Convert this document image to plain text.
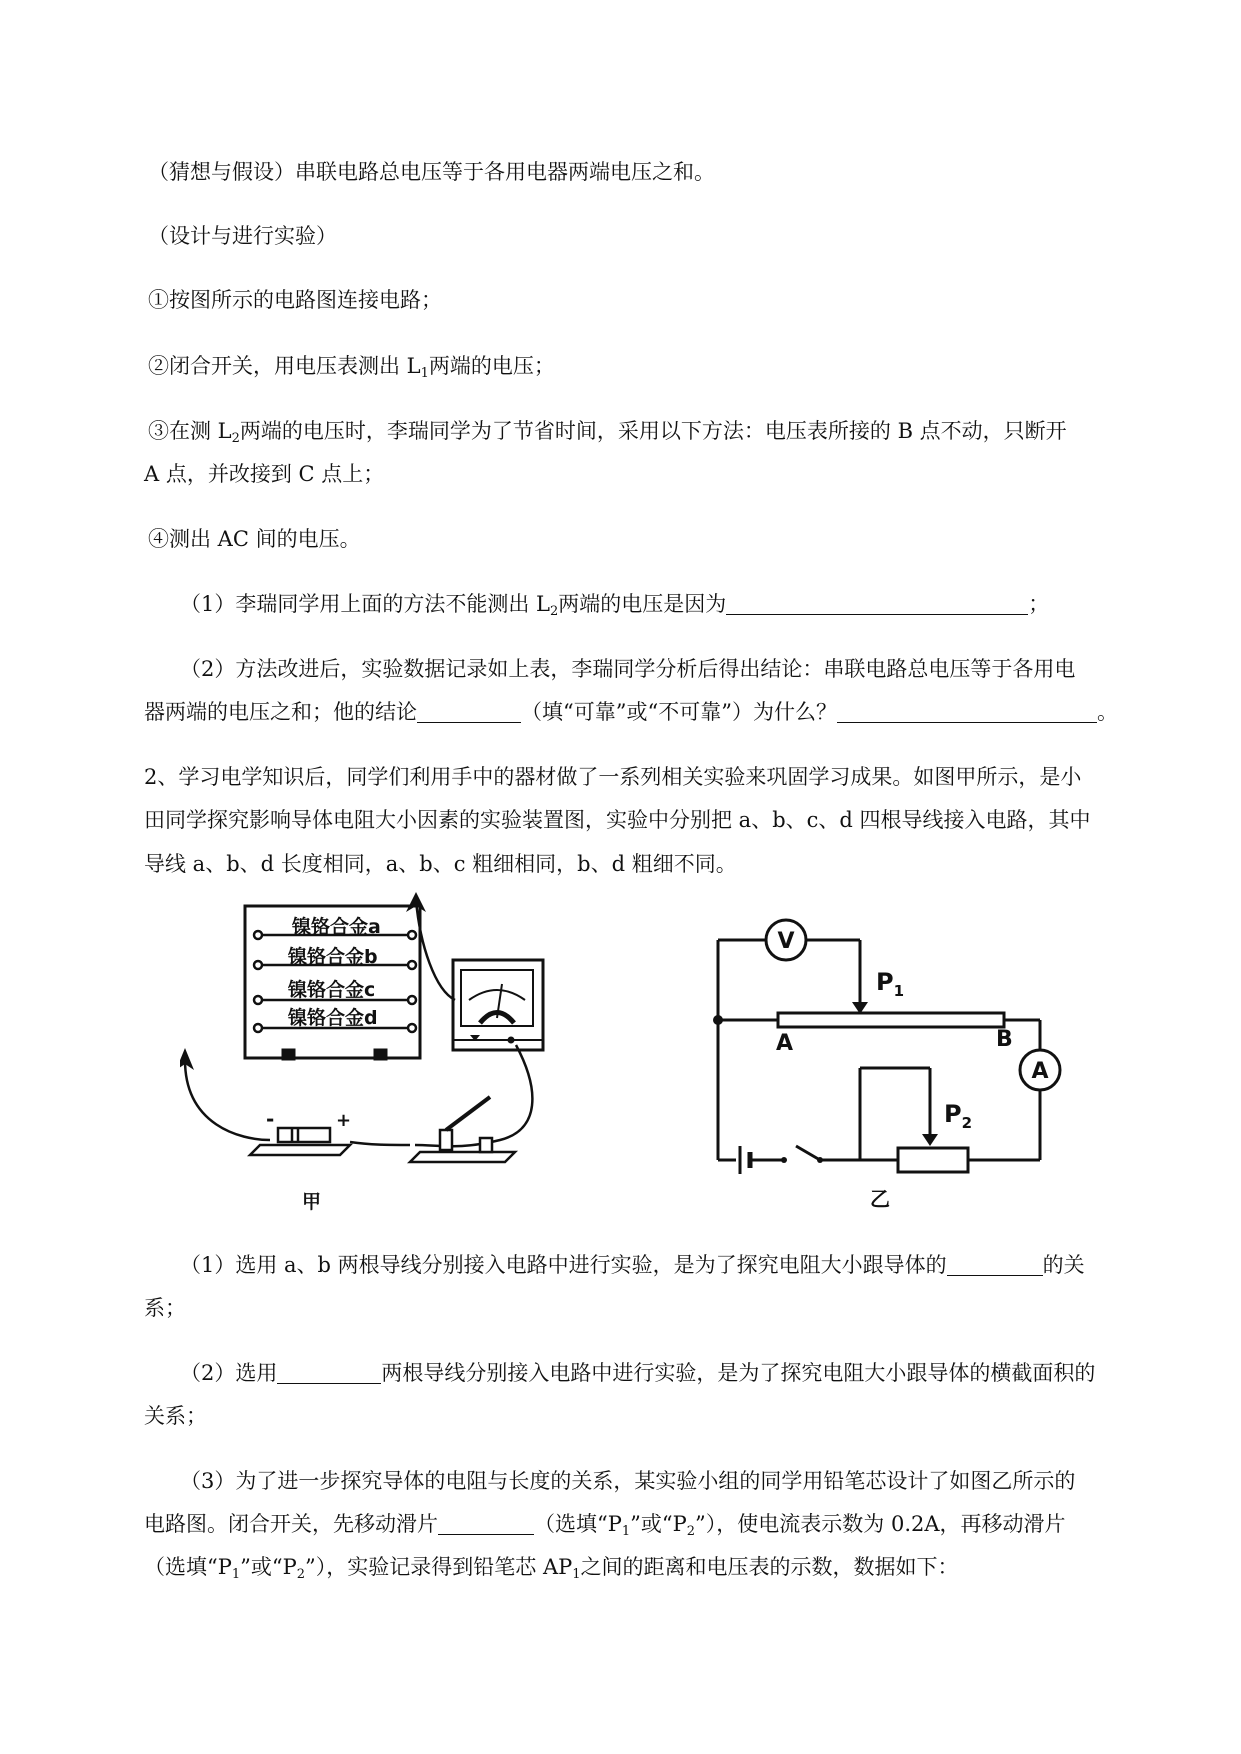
（猜想与假设）串联电路总电压等于各用电器两端电压之和。
（设计与进行实验）
①按图所示的电路图连接电路；
②闭合开关，用电压表测出 $L_1$两端的电压；
③在测 $L_2$两端的电压时，李瑞同学为了节省时间，采用以下方法：电压表所接的 B 点不动，只断开
A 点，并改接到 C 点上；
④测出 AC 间的电压。
（1）李瑞同学用上面的方法不能测出 $L_2$两端的电压是因为	；
（2）方法改进后，实验数据记录如上表，李瑞同学分析后得出结论：串联电路总电压等于各用电
器两端的电压之和；他的结论	（填“可靠”或“不可靠”）为什么？	。
2、学习电学知识后，同学们利用手中的器材做了一系列相关实验来巩固学习成果。如图甲所示，是小
田同学探究影响导体电阻大小因素的实验装置图，实验中分别把 a、b、c、d 四根导线接入电路，其中
导线 a、b、d 长度相同，a、b、c 粗细相同，b、d 粗细不同。
镍铬合金a
镍铬合金b
镍铬合金c
镍铬合金d
-	+
甲
V
A
$P_1$
$P_2$
A	B
乙
（1）选用 a、b 两根导线分别接入电路中进行实验，是为了探究电阻大小跟导体的	的关
系；
（2）选用	两根导线分别接入电路中进行实验，是为了探究电阻大小跟导体的横截面积的
关系；
（3）为了进一步探究导体的电阻与长度的关系，某实验小组的同学用铅笔芯设计了如图乙所示的
电路图。闭合开关，先移动滑片	（选填“$P_1$”或“$P_2$”），使电流表示数为 0.2A，再移动滑片
（选填“$P_1$”或“$P_2$”），实验记录得到铅笔芯 $AP_1$之间的距离和电压表的示数，数据如下：
